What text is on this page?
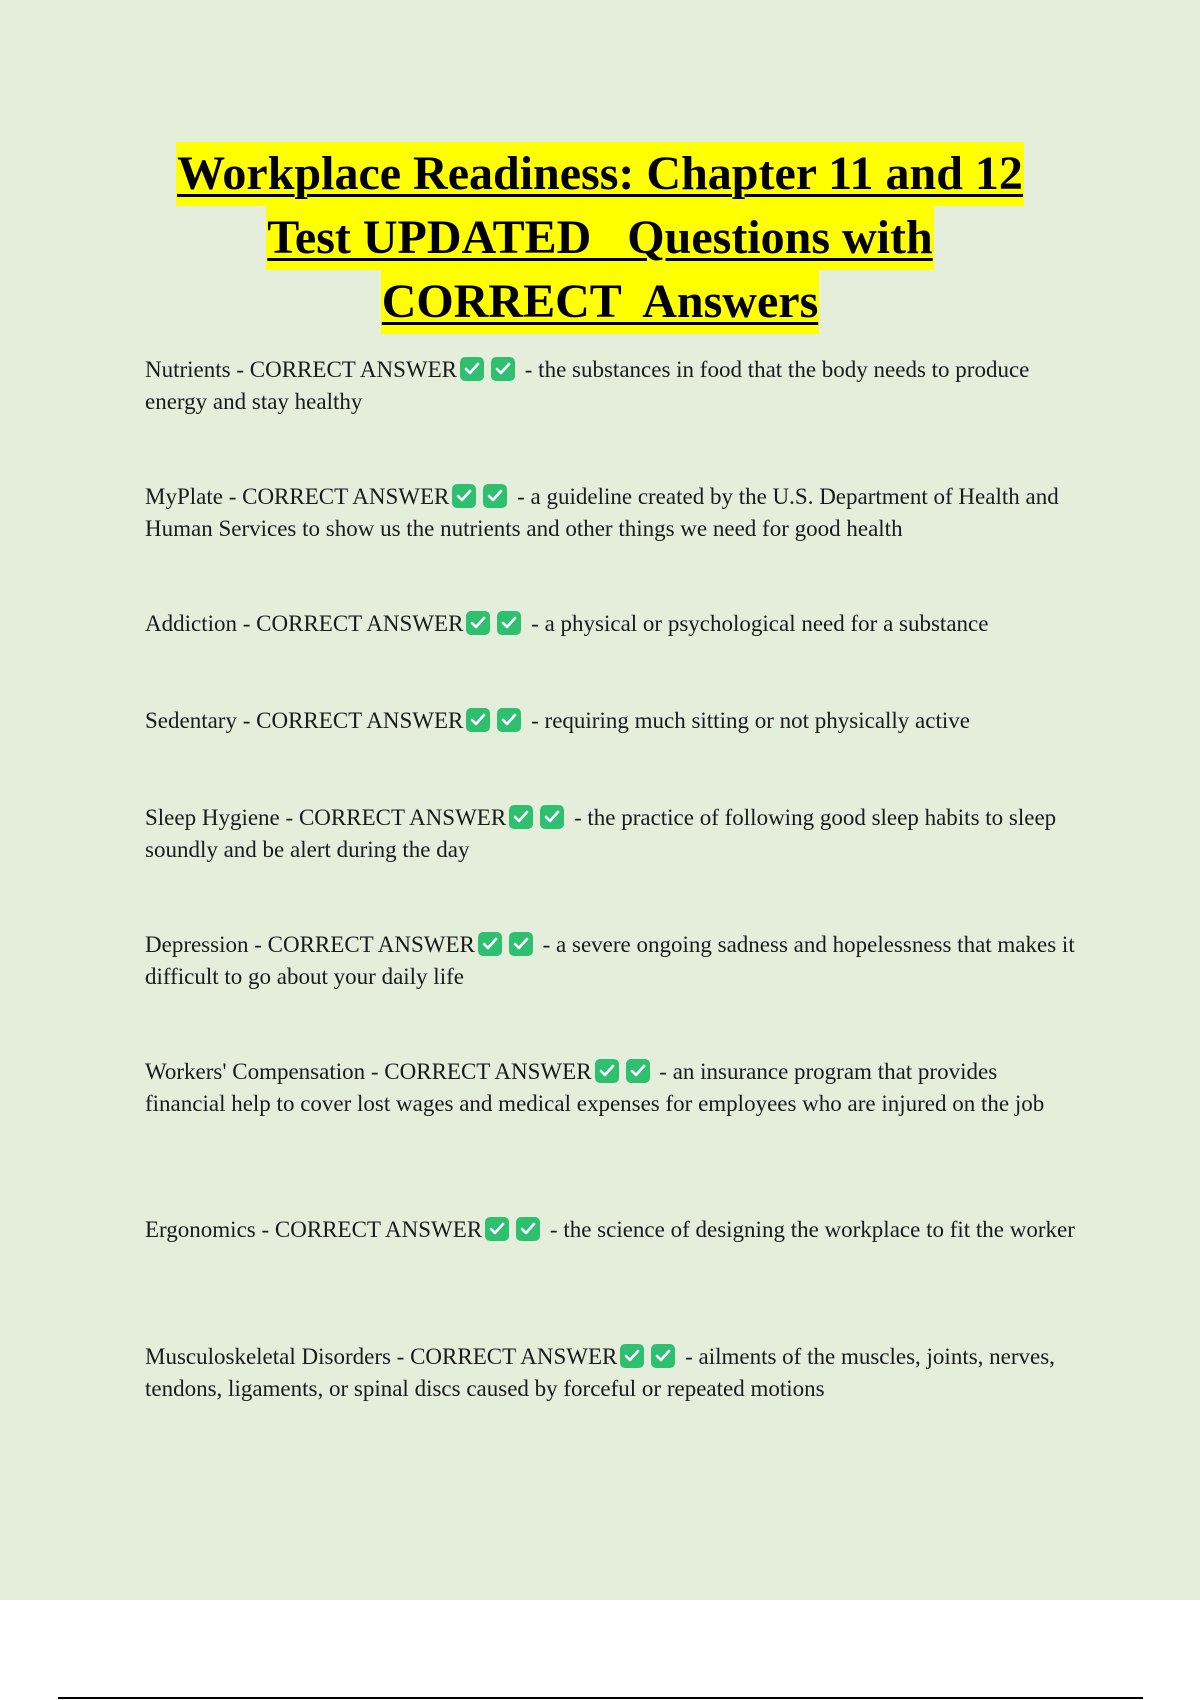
Workplace Readiness: Chapter 11 and 12
Test UPDATED   Questions with
CORRECT  Answers
Nutrients - CORRECT ANSWER	- the substances in food that the body needs to produce energy and stay healthy
MyPlate - CORRECT ANSWER	- a guideline created by the U.S. Department of Health and Human Services to show us the nutrients and other things we need for good health
Addiction - CORRECT ANSWER	- a physical or psychological need for a substance
Sedentary - CORRECT ANSWER	- requiring much sitting or not physically active
Sleep Hygiene - CORRECT ANSWER	- the practice of following good sleep habits to sleep soundly and be alert during the day
Depression - CORRECT ANSWER	- a severe ongoing sadness and hopelessness that makes it difficult to go about your daily life
Workers' Compensation - CORRECT ANSWER	- an insurance program that provides financial help to cover lost wages and medical expenses for employees who are injured on the job
Ergonomics - CORRECT ANSWER	- the science of designing the workplace to fit the worker
Musculoskeletal Disorders - CORRECT ANSWER	- ailments of the muscles, joints, nerves, tendons, ligaments, or spinal discs caused by forceful or repeated motions
